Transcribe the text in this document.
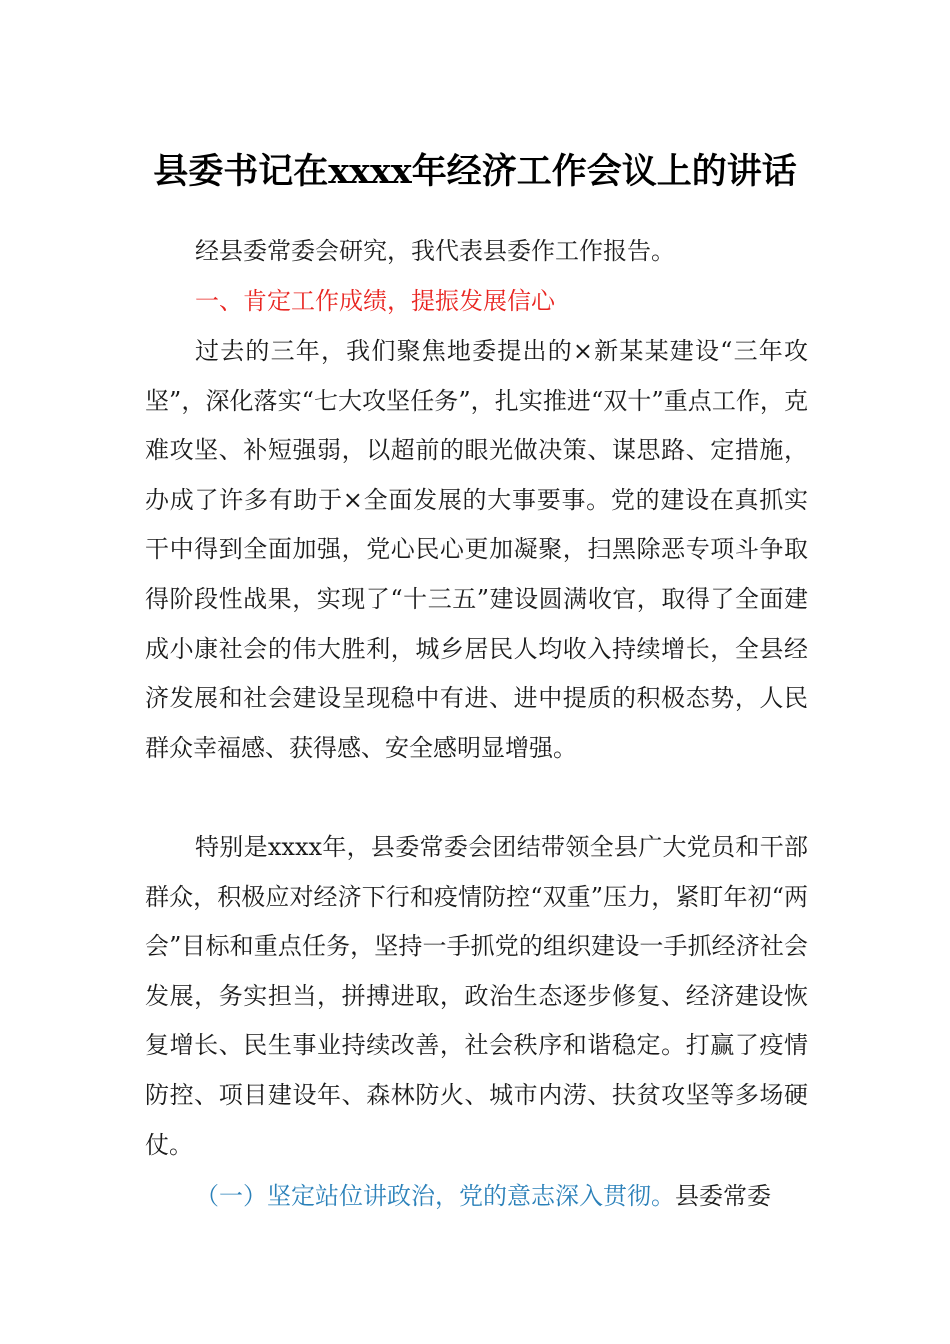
县委书记在xxxx年经济工作会议上的讲话

经县委常委会研究，我代表县委作工作报告。

一、肯定工作成绩，提振发展信心

过去的三年，我们聚焦地委提出的×新某某建设“三年攻坚”，深化落实“七大攻坚任务”，扎实推进“双十”重点工作，克难攻坚、补短强弱，以超前的眼光做决策、谋思路、定措施，办成了许多有助于×全面发展的大事要事。党的建设在真抓实干中得到全面加强，党心民心更加凝聚，扫黑除恶专项斗争取得阶段性战果，实现了“十三五”建设圆满收官，取得了全面建成小康社会的伟大胜利，城乡居民人均收入持续增长，全县经济发展和社会建设呈现稳中有进、进中提质的积极态势，人民群众幸福感、获得感、安全感明显增强。

特别是xxxx年，县委常委会团结带领全县广大党员和干部群众，积极应对经济下行和疫情防控“双重”压力，紧盯年初“两会”目标和重点任务，坚持一手抓党的组织建设一手抓经济社会发展，务实担当，拼搏进取，政治生态逐步修复、经济建设恢复增长、民生事业持续改善，社会秩序和谐稳定。打赢了疫情防控、项目建设年、森林防火、城市内涝、扶贫攻坚等多场硬仗。

（一）坚定站位讲政治，党的意志深入贯彻。县委常委
